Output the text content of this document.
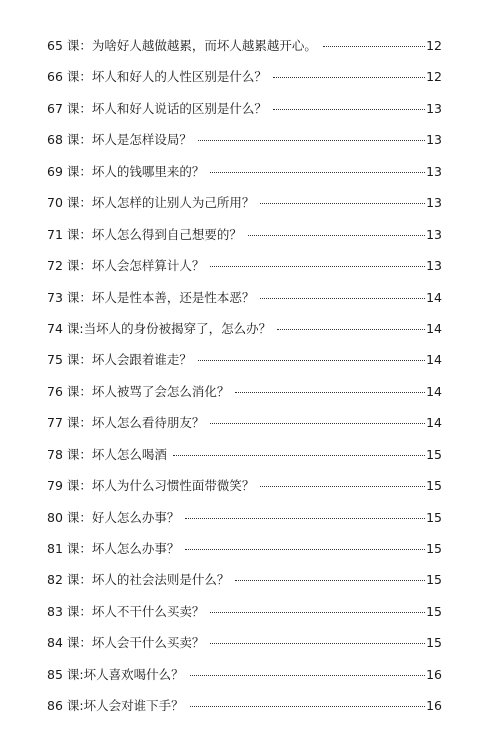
65 课：为啥好人越做越累，而坏人越累越开心。	12
66 课：坏人和好人的人性区别是什么？	12
67 课：坏人和好人说话的区别是什么？	13
68 课：坏人是怎样设局？	13
69 课：坏人的钱哪里来的？	13
70 课：坏人怎样的让别人为己所用？	13
71 课：坏人怎么得到自己想要的？	13
72 课：坏人会怎样算计人？	13
73 课：坏人是性本善，还是性本恶？	14
74 课:当坏人的身份被揭穿了，怎么办？	14
75 课：坏人会跟着谁走？	14
76 课：坏人被骂了会怎么消化？	14
77 课：坏人怎么看待朋友？	14
78 课：坏人怎么喝酒	15
79 课：坏人为什么习惯性面带微笑？	15
80 课：好人怎么办事？	15
81 课：坏人怎么办事？	15
82 课：坏人的社会法则是什么？	15
83 课：坏人不干什么买卖？	15
84 课：坏人会干什么买卖？	15
85 课:坏人喜欢喝什么？	16
86 课:坏人会对谁下手？	16
